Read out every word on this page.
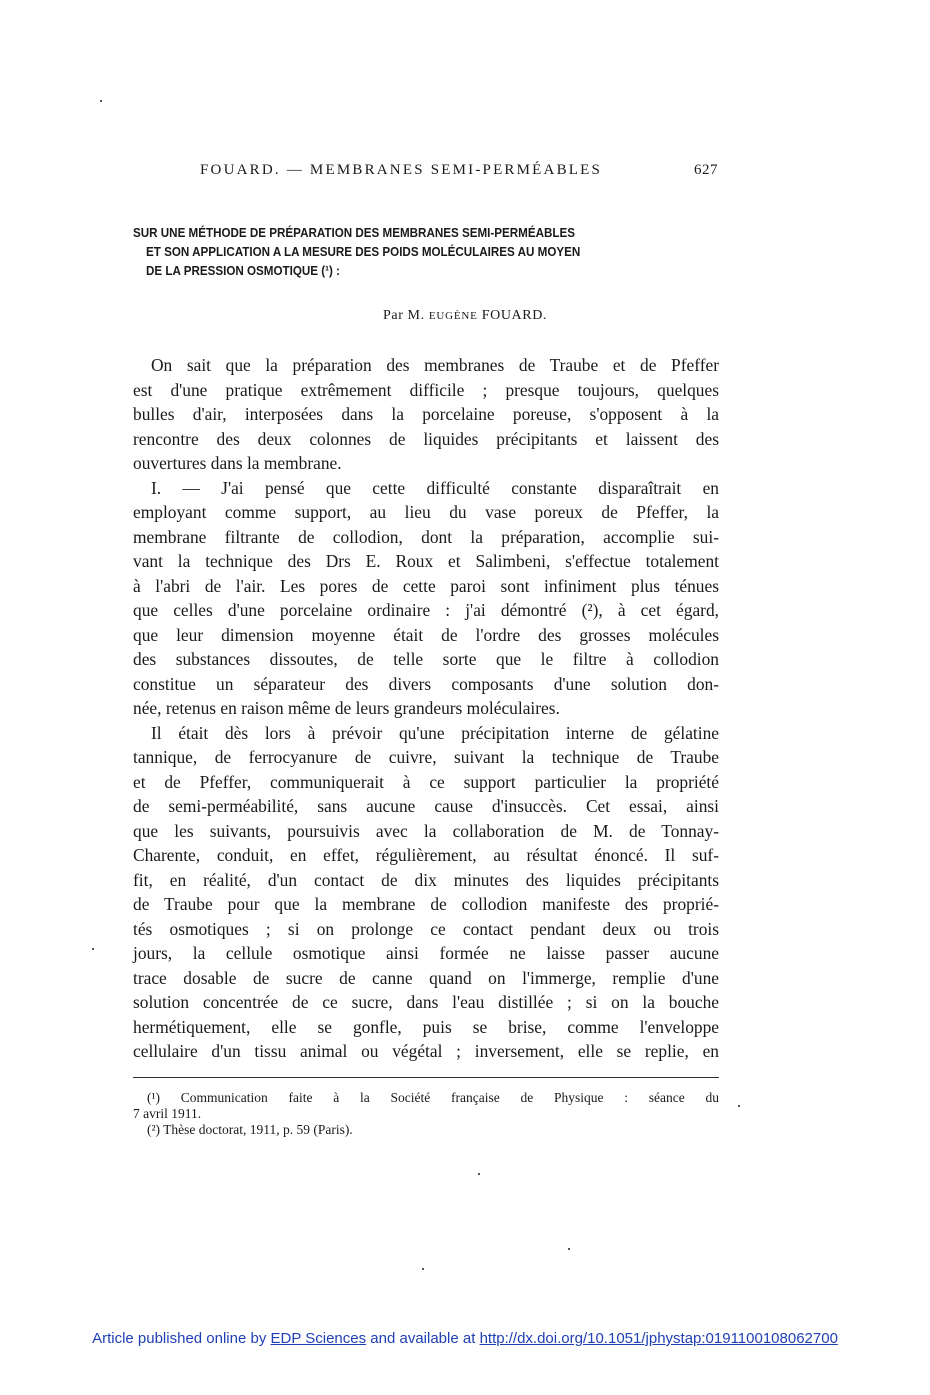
FOUARD. — MEMBRANES SEMI-PERMÉABLES	627
SUR UNE MÉTHODE DE PRÉPARATION DES MEMBRANES SEMI-PERMÉABLES
ET SON APPLICATION A LA MESURE DES POIDS MOLÉCULAIRES AU MOYEN
DE LA PRESSION OSMOTIQUE (¹) :
Par M. EUGÈNE FOUARD.
On sait que la préparation des membranes de Traube et de Pfeffer
est d'une pratique extrêmement difficile ; presque toujours, quelques
bulles d'air, interposées dans la porcelaine poreuse, s'opposent à la
rencontre des deux colonnes de liquides précipitants et laissent des
ouvertures dans la membrane.
I. — J'ai pensé que cette difficulté constante disparaîtrait en
employant comme support, au lieu du vase poreux de Pfeffer, la
membrane filtrante de collodion, dont la préparation, accomplie sui-
vant la technique des Drs E. Roux et Salimbeni, s'effectue totalement
à l'abri de l'air. Les pores de cette paroi sont infiniment plus ténues
que celles d'une porcelaine ordinaire : j'ai démontré (²), à cet égard,
que leur dimension moyenne était de l'ordre des grosses molécules
des substances dissoutes, de telle sorte que le filtre à collodion
constitue un séparateur des divers composants d'une solution don-
née, retenus en raison même de leurs grandeurs moléculaires.
Il était dès lors à prévoir qu'une précipitation interne de gélatine
tannique, de ferrocyanure de cuivre, suivant la technique de Traube
et de Pfeffer, communiquerait à ce support particulier la propriété
de semi-perméabilité, sans aucune cause d'insuccès. Cet essai, ainsi
que les suivants, poursuivis avec la collaboration de M. de Tonnay-
Charente, conduit, en effet, régulièrement, au résultat énoncé. Il suf-
fit, en réalité, d'un contact de dix minutes des liquides précipitants
de Traube pour que la membrane de collodion manifeste des proprié-
tés osmotiques ; si on prolonge ce contact pendant deux ou trois
jours, la cellule osmotique ainsi formée ne laisse passer aucune
trace dosable de sucre de canne quand on l'immerge, remplie d'une
solution concentrée de ce sucre, dans l'eau distillée ; si on la bouche
hermétiquement, elle se gonfle, puis se brise, comme l'enveloppe
cellulaire d'un tissu animal ou végétal ; inversement, elle se replie, en
(¹) Communication faite à la Société française de Physique : séance du
7 avril 1911.
(²) Thèse doctorat, 1911, p. 59 (Paris).
Article published online by EDP Sciences and available at http://dx.doi.org/10.1051/jphystap:0191100108062700
